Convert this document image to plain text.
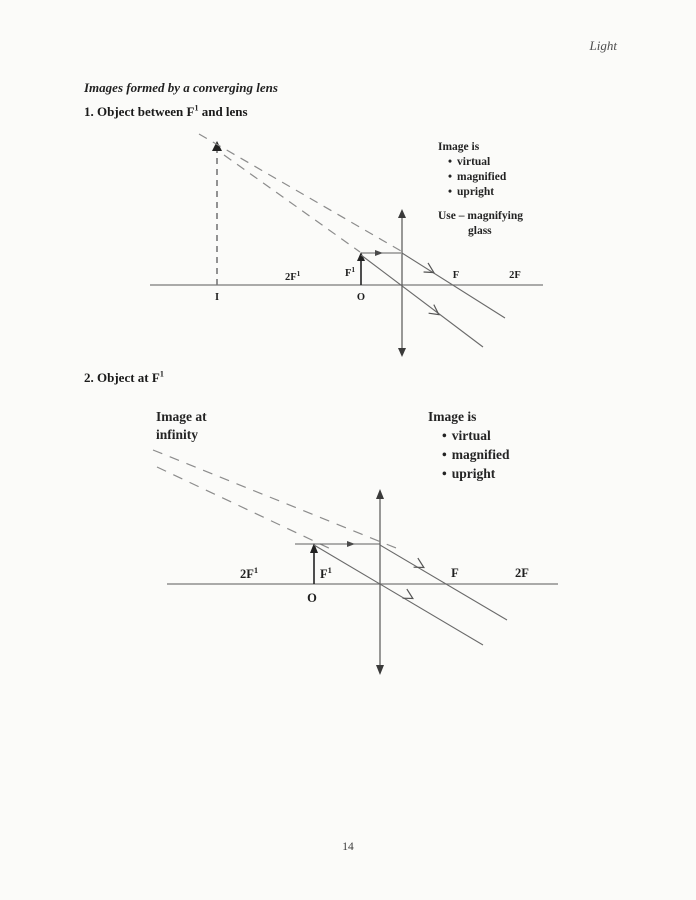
Light
Images formed by a converging lens
1. Object between $F^1$ and lens
$2F^1$	$F^1$
F	2F
O
I
Image is
• virtual
• magnified
• upright
Use – magnifying
glass
2. Object at $F^1$
$2F^1$	$F^1$	F	2F
O
Image at
infinity
Image is
• virtual
• magnified
• upright
14
